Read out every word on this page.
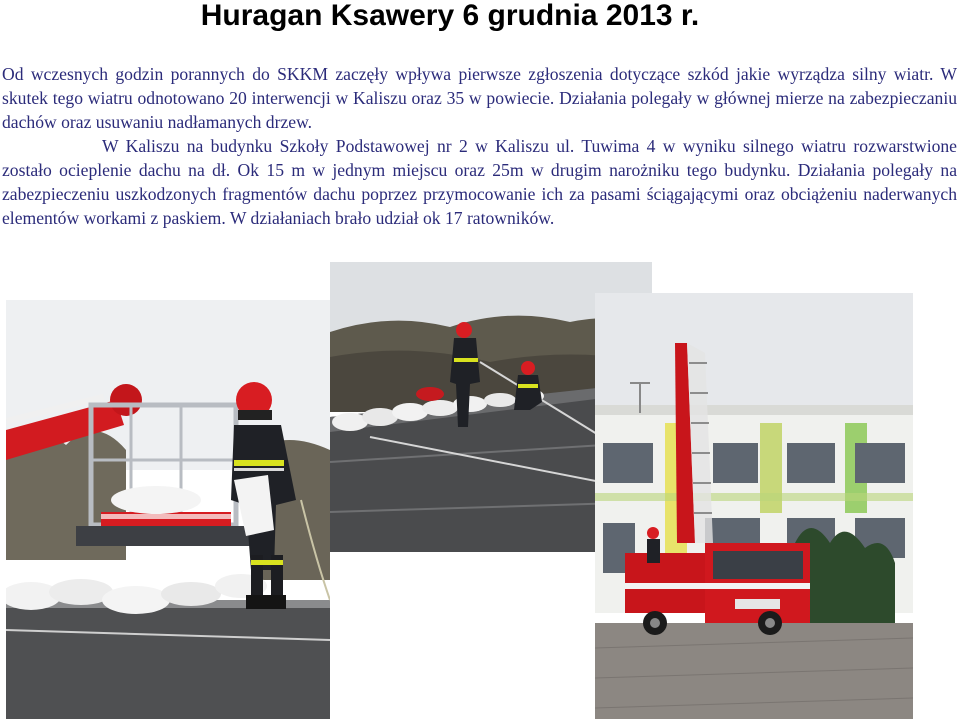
Huragan Ksawery 6 grudnia 2013 r.

Od wczesnych godzin porannych do SKKM zaczęły wpływa pierwsze zgłoszenia dotyczące szkód jakie wyrządza silny wiatr. W skutek tego wiatru odnotowano 20 interwencji w Kaliszu oraz 35 w powiecie. Działania polegały w głównej mierze na zabezpieczaniu dachów oraz usuwaniu nadłamanych drzew.

W Kaliszu na budynku Szkoły Podstawowej nr 2 w Kaliszu ul. Tuwima 4 w wyniku silnego wiatru rozwarstwione zostało ocieplenie dachu na dł. Ok 15 m w jednym miejscu oraz 25m w drugim narożniku tego budynku. Działania polegały na zabezpieczeniu uszkodzonych fragmentów dachu poprzez przymocowanie ich za pasami ściągającymi oraz obciążeniu naderwanych elementów workami z paskiem. W działaniach brało udział ok 17 ratowników.
